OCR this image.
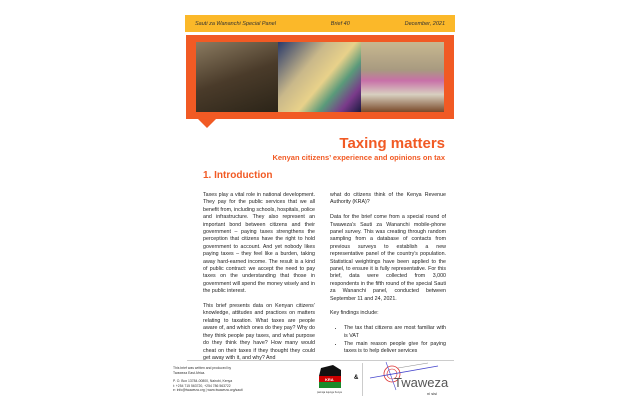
Sauti za Wananchi Special Panel	Brief 40	December, 2021
Taxing matters
Kenyan citizens’ experience and opinions on tax
1. Introduction

Taxes play a vital role in national development. They pay for the public services that we all benefit from, including schools, hospitals, police and infrastructure. They also represent an important bond between citizens and their government – paying taxes strengthens the perception that citizens have the right to hold government to account. And yet nobody likes paying taxes – they feel like a burden, taking away hard-earned income. The result is a kind of public contract: we accept the need to pay taxes on the understanding that those in government will spend the money wisely and in the public interest.

This brief presents data on Kenyan citizens’ knowledge, attitudes and practices on matters relating to taxation. What taxes are people aware of, and which ones do they pay? Why do they think people pay taxes, and what purpose do they think they have? How many would cheat on their taxes if they thought they could get away with it, and why? And

what do citizens think of the Kenya Revenue Authority (KRA)?

Data for the brief come from a special round of Twaweza’s Sauti za Wananchi mobile-phone panel survey. This was creating through random sampling from a database of contacts from previous surveys to establish a new representative panel of the country’s population. Statistical weightings have been applied to the panel, to ensure it is fully representative. For this brief, data were collected from 3,000 respondents in the fifth round of the special Sauti za Wananchi panel, conducted between September 11 and 24, 2021.

Key findings include:

• The tax that citizens are most familiar with is VAT
• The main reason people give for paying taxes is to help deliver services
This brief was written and produced by
Twaweza East Africa.
P. O. Box 13784-00800, Nairobi, Kenya
t: +254 715 563720, +254 786 563722
e: info@twaweza.org | www.twaweza.org/sauti
KRA
pamoja tujenge Kenya
&	Twaweza
ni sisi
